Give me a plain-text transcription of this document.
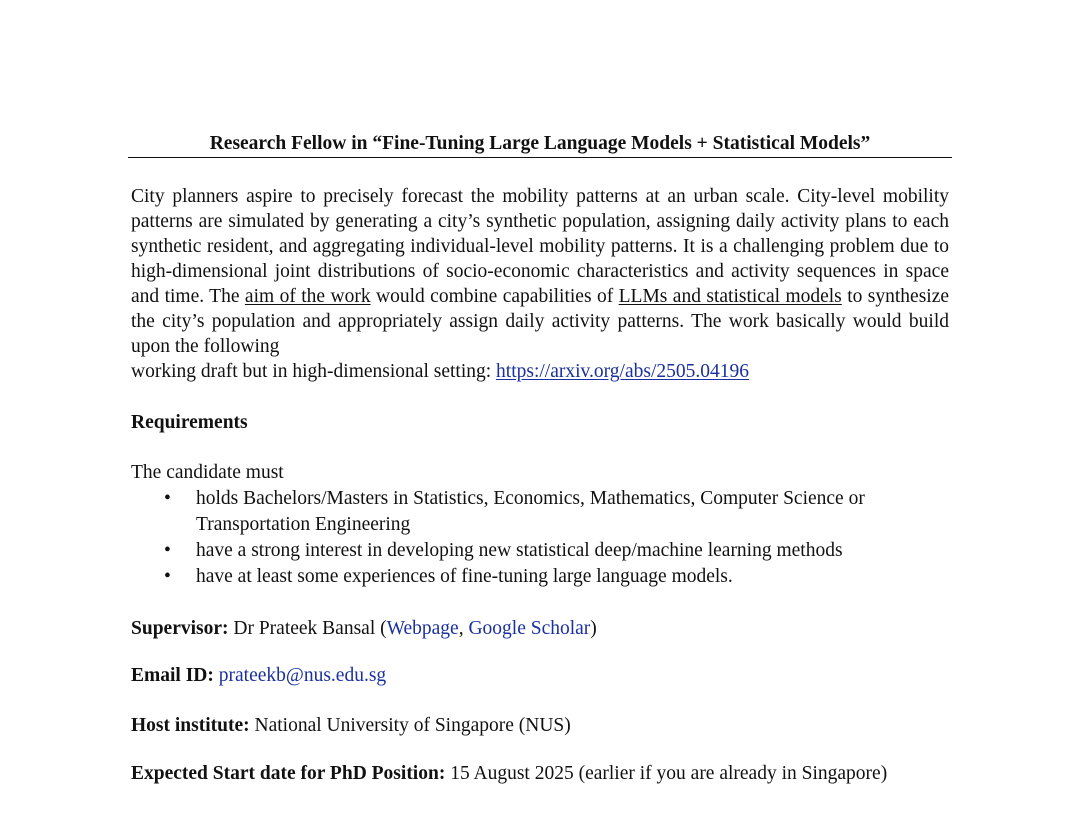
Research Fellow in “Fine-Tuning Large Language Models + Statistical Models”

City planners aspire to precisely forecast the mobility patterns at an urban scale. City-level mobility patterns are simulated by generating a city’s synthetic population, assigning daily activity plans to each synthetic resident, and aggregating individual-level mobility patterns. It is a challenging problem due to high-dimensional joint distributions of socio-economic characteristics and activity sequences in space and time. The aim of the work would combine capabilities of LLMs and statistical models to synthesize the city’s population and appropriately assign daily activity patterns. The work basically would build upon the following
working draft but in high-dimensional setting: https://arxiv.org/abs/2505.04196

Requirements

The candidate must

• holds Bachelors/Masters in Statistics, Economics, Mathematics, Computer Science or Transportation Engineering
• have a strong interest in developing new statistical deep/machine learning methods
• have at least some experiences of fine-tuning large language models.

Supervisor: Dr Prateek Bansal (Webpage, Google Scholar)

Email ID: prateekb@nus.edu.sg

Host institute: National University of Singapore (NUS)

Expected Start date for PhD Position: 15 August 2025 (earlier if you are already in Singapore)
